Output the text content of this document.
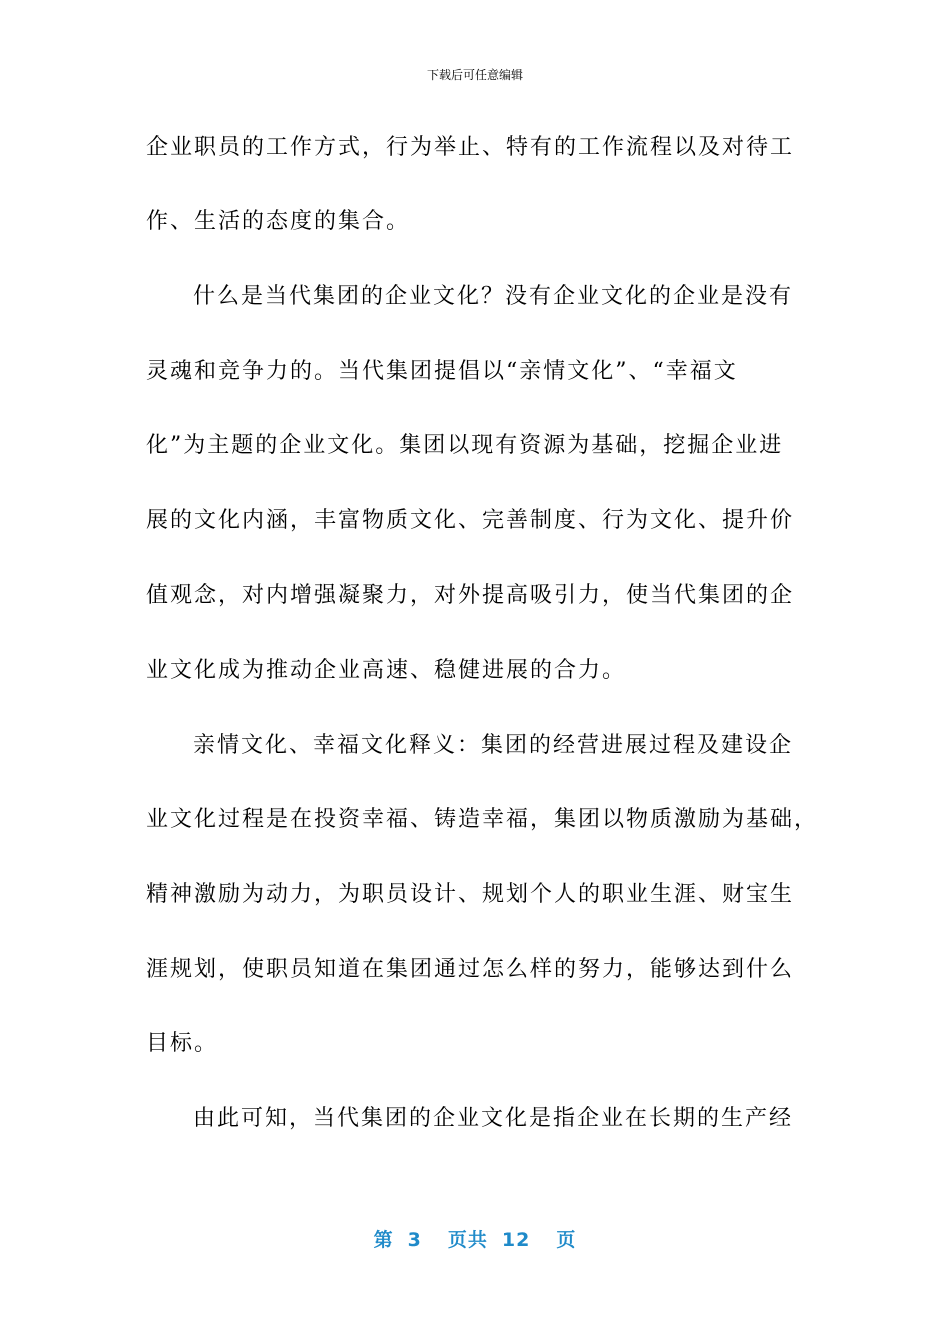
下载后可任意编辑
企业职员的工作方式，行为举止、特有的工作流程以及对待工
作、生活的态度的集合。
什么是当代集团的企业文化？没有企业文化的企业是没有
灵魂和竞争力的。当代集团提倡以“亲情文化”、“幸福文
化”为主题的企业文化。集团以现有资源为基础，挖掘企业进
展的文化内涵，丰富物质文化、完善制度、行为文化、提升价
值观念，对内增强凝聚力，对外提高吸引力，使当代集团的企
业文化成为推动企业高速、稳健进展的合力。
亲情文化、幸福文化释义：集团的经营进展过程及建设企
业文化过程是在投资幸福、铸造幸福，集团以物质激励为基础，
精神激励为动力，为职员设计、规划个人的职业生涯、财宝生
涯规划，使职员知道在集团通过怎么样的努力，能够达到什么
目标。
由此可知，当代集团的企业文化是指企业在长期的生产经
第 3 页共 12 页
